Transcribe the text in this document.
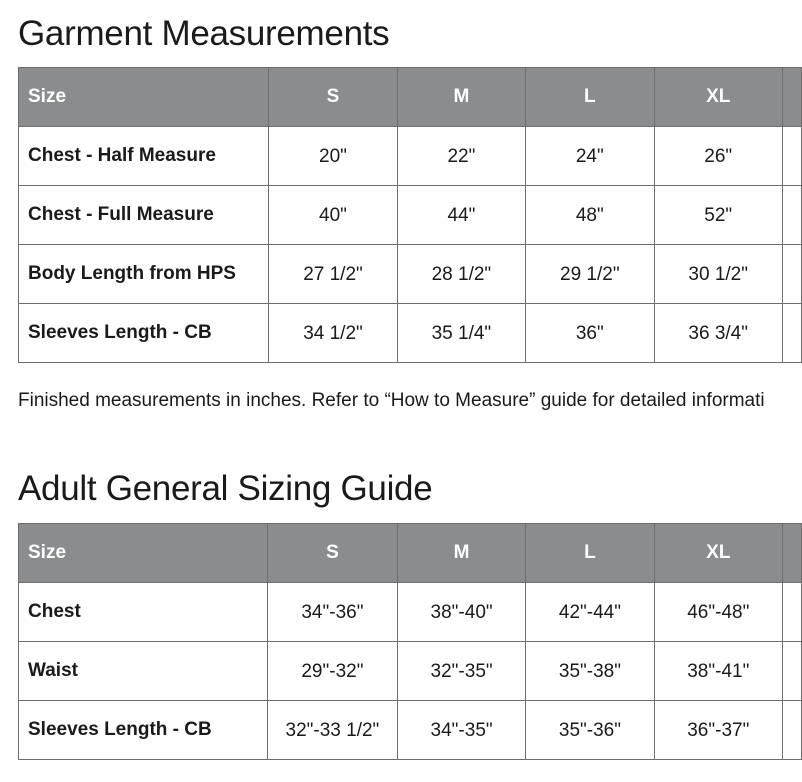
Garment Measurements
Size	S	M	L	XL	
Chest - Half Measure	20"	22"	24"	26"	
Chest - Full Measure	40"	44"	48"	52"	
Body Length from HPS	27 1/2"	28 1/2"	29 1/2"	30 1/2"	
Sleeves Length - CB	34 1/2"	35 1/4"	36"	36 3/4"	

Finished measurements in inches. Refer to “How to Measure” guide for detailed informati

Adult General Sizing Guide
Size	S	M	L	XL	
Chest	34"-36"	38"-40"	42"-44"	46"-48"	
Waist	29"-32"	32"-35"	35"-38"	38"-41"	
Sleeves Length - CB	32"-33 1/2"	34"-35"	35"-36"	36"-37"	
